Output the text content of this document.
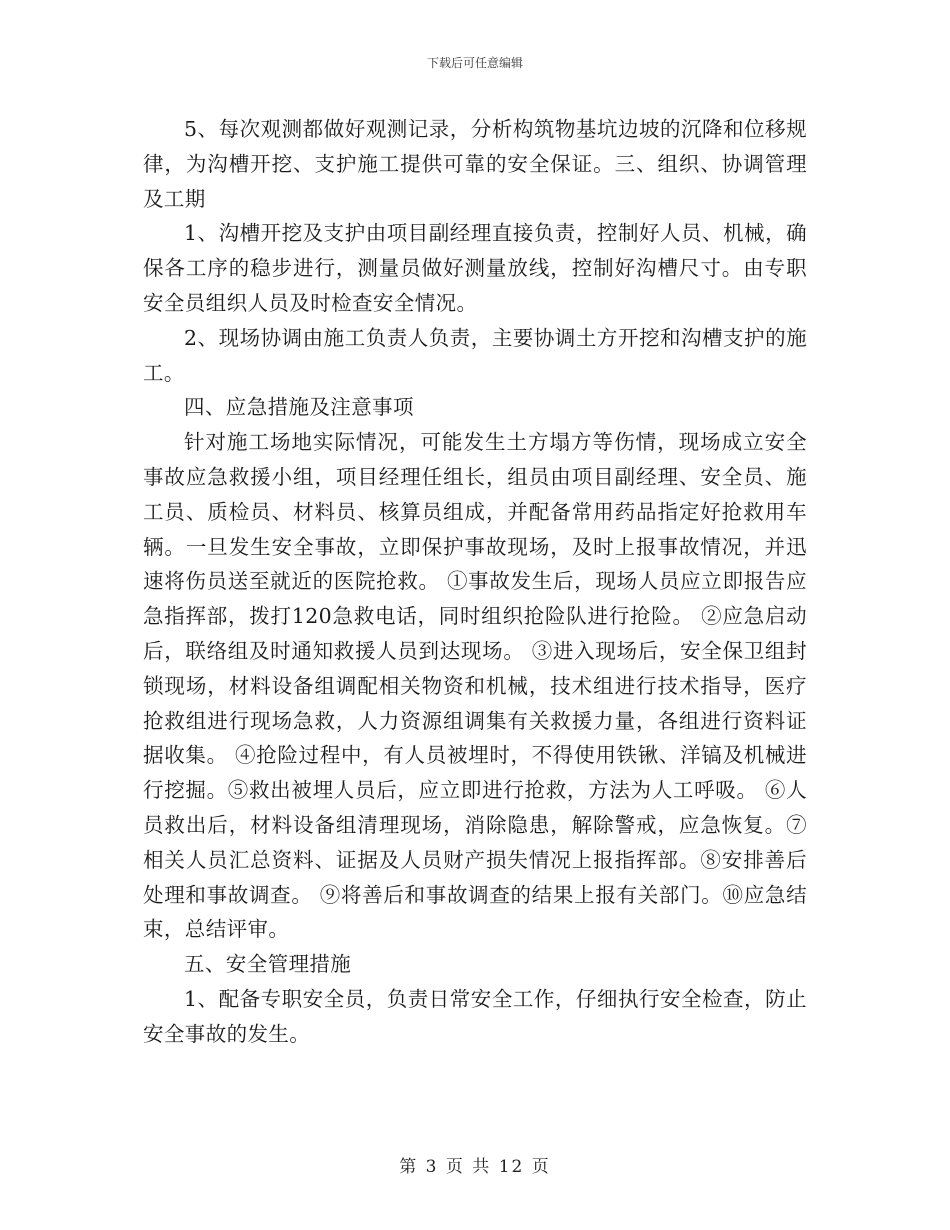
下载后可任意编辑

5、每次观测都做好观测记录，分析构筑物基坑边坡的沉降和位移规律，为沟槽开挖、支护施工提供可靠的安全保证。三、组织、协调管理及工期

1、沟槽开挖及支护由项目副经理直接负责，控制好人员、机械，确保各工序的稳步进行，测量员做好测量放线，控制好沟槽尺寸。由专职安全员组织人员及时检查安全情况。

2、现场协调由施工负责人负责，主要协调土方开挖和沟槽支护的施工。

四、应急措施及注意事项

针对施工场地实际情况，可能发生土方塌方等伤情，现场成立安全事故应急救援小组，项目经理任组长，组员由项目副经理、安全员、施工员、质检员、材料员、核算员组成，并配备常用药品指定好抢救用车辆。一旦发生安全事故，立即保护事故现场，及时上报事故情况，并迅速将伤员送至就近的医院抢救。 ①事故发生后，现场人员应立即报告应急指挥部，拨打120急救电话，同时组织抢险队进行抢险。 ②应急启动后，联络组及时通知救援人员到达现场。 ③进入现场后，安全保卫组封锁现场，材料设备组调配相关物资和机械，技术组进行技术指导，医疗抢救组进行现场急救，人力资源组调集有关救援力量，各组进行资料证据收集。 ④抢险过程中，有人员被埋时，不得使用铁锹、洋镐及机械进行挖掘。⑤救出被埋人员后，应立即进行抢救，方法为人工呼吸。 ⑥人员救出后，材料设备组清理现场，消除隐患，解除警戒，应急恢复。⑦相关人员汇总资料、证据及人员财产损失情况上报指挥部。⑧安排善后处理和事故调查。 ⑨将善后和事故调查的结果上报有关部门。⑩应急结束，总结评审。

五、安全管理措施

1、配备专职安全员，负责日常安全工作，仔细执行安全检查，防止安全事故的发生。

第 3 页 共 12 页
